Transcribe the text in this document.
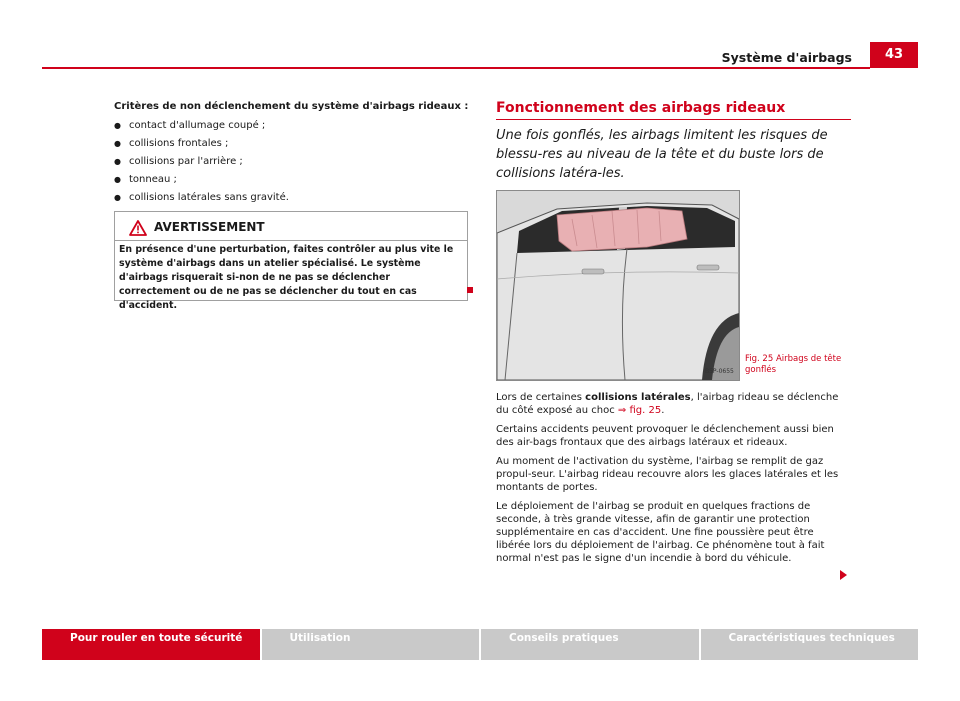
Système d'airbags	43
Critères de non déclenchement du système d'airbags rideaux :
● contact d'allumage coupé ;
● collisions frontales ;
● collisions par l'arrière ;
● tonneau ;
● collisions latérales sans gravité.
AVERTISSEMENT
En présence d'une perturbation, faites contrôler au plus vite le système d'airbags dans un atelier spécialisé. Le système d'airbags risquerait si-non de ne pas se déclencher correctement ou de ne pas se déclencher du tout en cas d'accident.
Fonctionnement des airbags rideaux
Une fois gonflés, les airbags limitent les risques de blessu-res au niveau de la tête et du buste lors de collisions latéra-les.
B5P-0655
Fig. 25 Airbags de tête gonflés

Lors de certaines collisions latérales, l'airbag rideau se déclenche du côté exposé au choc ⇒ fig. 25.

Certains accidents peuvent provoquer le déclenchement aussi bien des air-bags frontaux que des airbags latéraux et rideaux.

Au moment de l'activation du système, l'airbag se remplit de gaz propul-seur. L'airbag rideau recouvre alors les glaces latérales et les montants de portes.

Le déploiement de l'airbag se produit en quelques fractions de seconde, à très grande vitesse, afin de garantir une protection supplémentaire en cas d'accident. Une fine poussière peut être libérée lors du déploiement de l'airbag. Ce phénomène tout à fait normal n'est pas le signe d'un incendie à bord du véhicule.

Pour rouler en toute sécurité	Utilisation	Conseils pratiques	Caractéristiques techniques
